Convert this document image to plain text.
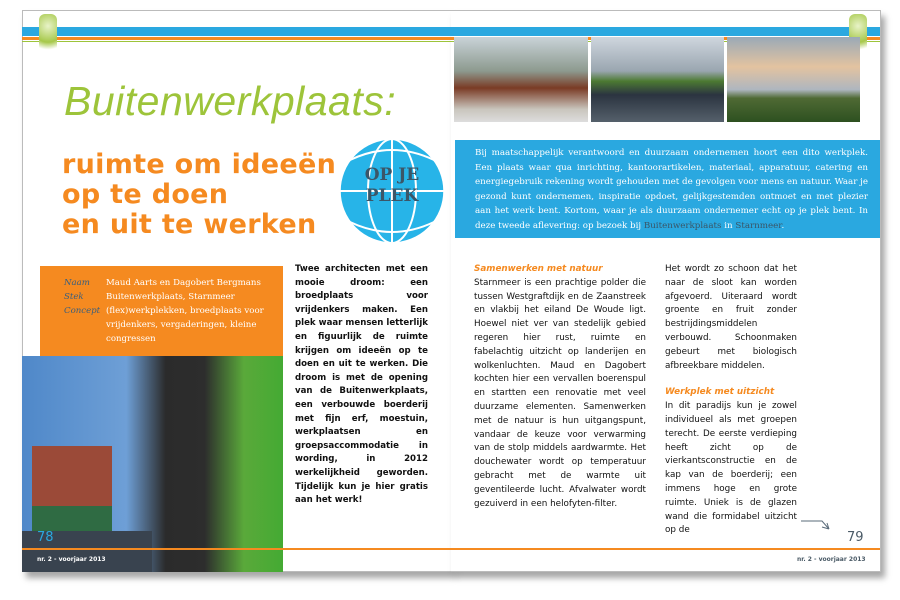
Buitenwerkplaats:
ruimte om ideeën
op te doen
en uit te werken
Bij maatschappelijk verantwoord en duurzaam ondernemen hoort een dito werkplek. Een plaats waar qua inrichting, kantoorartikelen, materiaal, apparatuur, catering en energiegebruik rekening wordt gehouden met de gevolgen voor mens en natuur. Waar je gezond kunt ondernemen, inspiratie opdoet, gelijkgestemden ontmoet en met plezier aan het werk bent. Kortom, waar je als duurzaam ondernemer echt op je plek bent. In deze tweede aflevering: op bezoek bij Buitenwerkplaats in Starnmeer.
OP JE
PLEK
Naam Maud Aarts en Dagobert Bergmans
Stek	Buitenwerkplaats, Starnmeer
Concept (flex)werkplekken, broedplaats voor vrijdenkers, vergaderingen, kleine congressen
78
nr. 2 - voorjaar 2013
Twee architecten met een mooie droom: een broedplaats voor vrijdenkers maken. Een plek waar mensen letterlijk en figuurlijk de ruimte krijgen om ideeën op te doen en uit te werken. Die droom is met de opening van de Buitenwerkplaats, een verbouwde boerderij met fijn erf, moestuin, werkplaatsen en groepsaccommodatie in wording, in 2012 werkelijkheid geworden. Tijdelijk kun je hier gratis aan het werk!
Samenwerken met natuur
Starnmeer is een prachtige polder die tussen Westgraftdijk en de Zaanstreek en vlakbij het eiland De Woude ligt. Hoewel niet ver van stedelijk gebied regeren hier rust, ruimte en fabelachtig uitzicht op landerijen en wolkenluchten. Maud en Dagobert kochten hier een vervallen boerenspul en startten een renovatie met veel duurzame elementen. Samenwerken met de natuur is hun uitgangspunt, vandaar de keuze voor verwarming van de stolp middels aardwarmte. Het douchewater wordt op temperatuur gebracht met de warmte uit geventileerde lucht. Afvalwater wordt gezuiverd in een helofyten-filter.
Het wordt zo schoon dat het naar de sloot kan worden afgevoerd. Uiteraard wordt groente en fruit zonder bestrijdingsmiddelen verbouwd. Schoonmaken gebeurt met biologisch afbreekbare middelen.
Werkplek met uitzicht
In dit paradijs kun je zowel individueel als met groepen terecht. De eerste verdieping heeft zicht op de vierkantsconstructie en de kap van de boerderij; een immens hoge en grote ruimte. Uniek is de glazen wand die formidabel uitzicht op de	79
nr. 2 - voorjaar 2013
